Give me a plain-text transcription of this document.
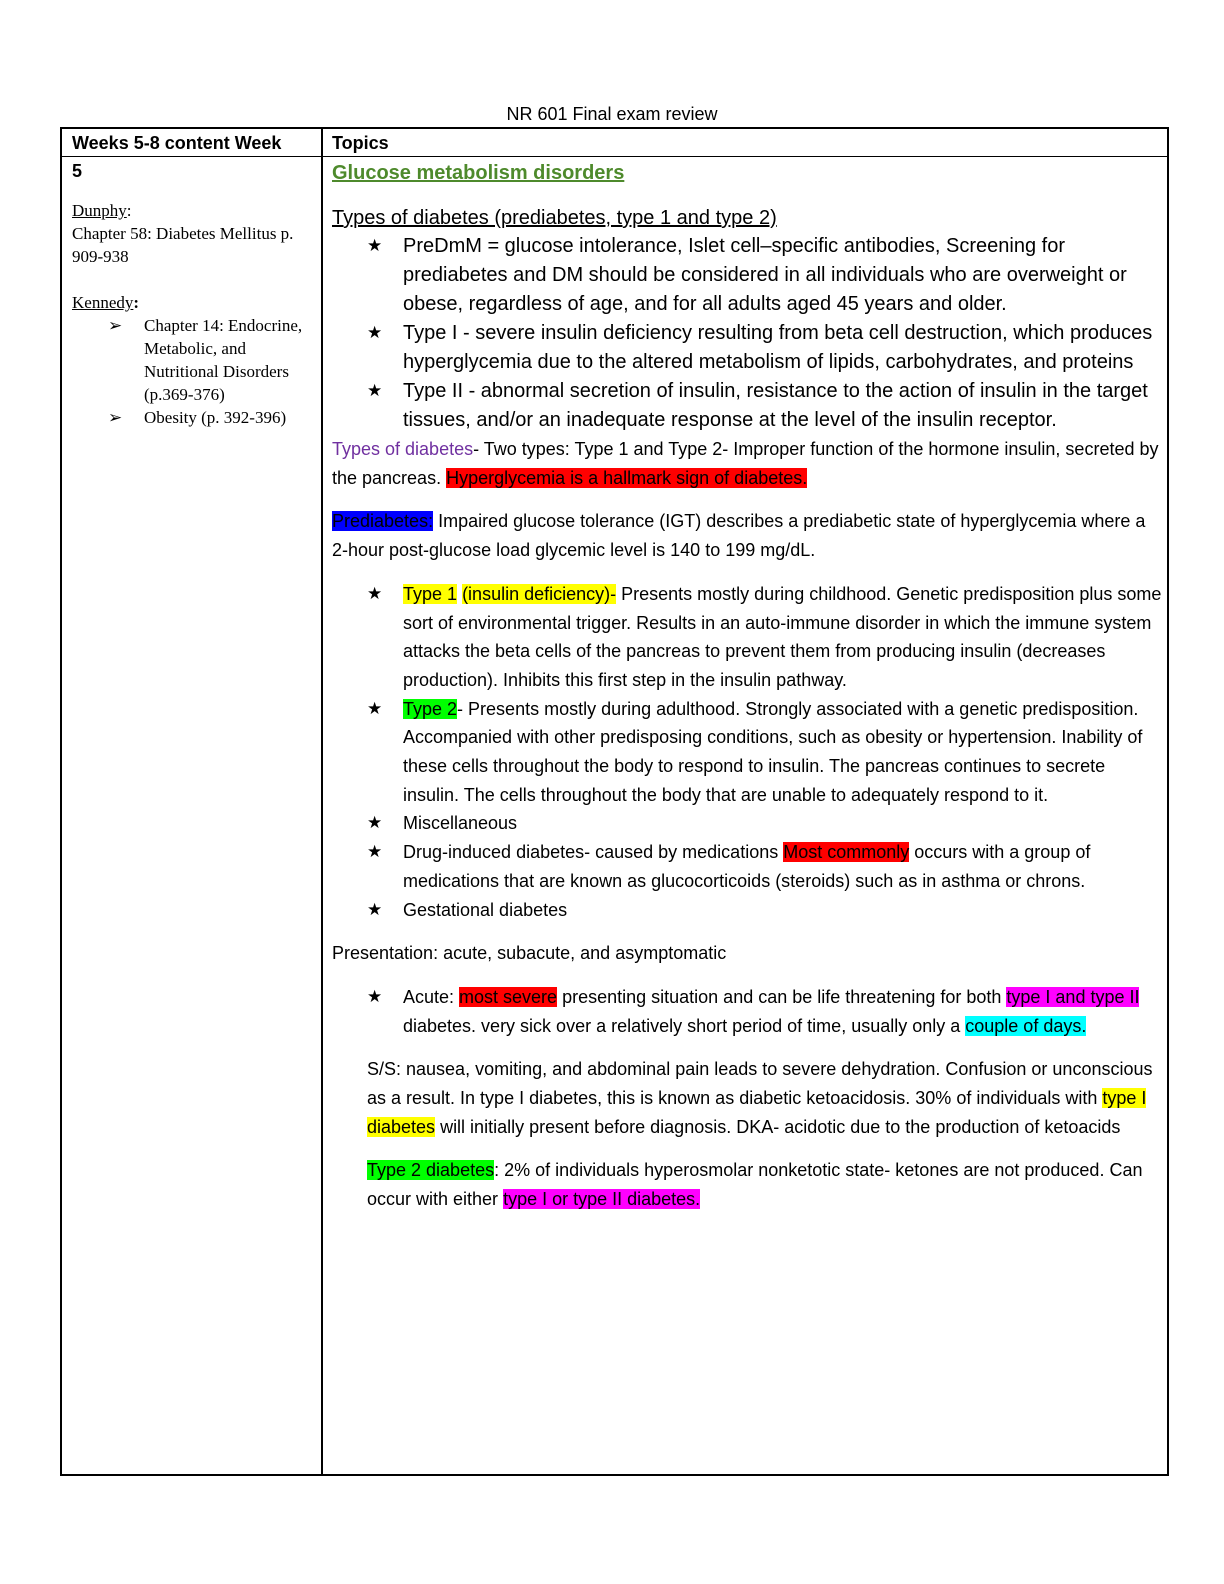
NR 601 Final exam review
Weeks 5-8 content Week	Topics
5
Dunphy:
Chapter 58: Diabetes Mellitus p. 909-938
Kennedy:
➢ Chapter 14: Endocrine, Metabolic, and Nutritional Disorders (p.369-376)
➢ Obesity (p. 392-396)
Glucose metabolism disorders
Types of diabetes (prediabetes, type 1 and type 2)
★ PreDmM = glucose intolerance, Islet cell–specific antibodies, Screening for prediabetes and DM should be considered in all individuals who are overweight or obese, regardless of age, and for all adults aged 45 years and older.
★ Type I - severe insulin deficiency resulting from beta cell destruction, which produces hyperglycemia due to the altered metabolism of lipids, carbohydrates, and proteins
★ Type II - abnormal secretion of insulin, resistance to the action of insulin in the target tissues, and/or an inadequate response at the level of the insulin receptor.

Types of diabetes- Two types: Type 1 and Type 2- Improper function of the hormone insulin, secreted by the pancreas. Hyperglycemia is a hallmark sign of diabetes.

Prediabetes: Impaired glucose tolerance (IGT) describes a prediabetic state of hyperglycemia where a 2-hour post-glucose load glycemic level is 140 to 199 mg/dL.

★ Type 1 (insulin deficiency)- Presents mostly during childhood. Genetic predisposition plus some sort of environmental trigger. Results in an auto-immune disorder in which the immune system attacks the beta cells of the pancreas to prevent them from producing insulin (decreases production). Inhibits this first step in the insulin pathway.
★ Type 2- Presents mostly during adulthood. Strongly associated with a genetic predisposition. Accompanied with other predisposing conditions, such as obesity or hypertension. Inability of these cells throughout the body to respond to insulin. The pancreas continues to secrete insulin. The cells throughout the body that are unable to adequately respond to it.
★ Miscellaneous
★ Drug-induced diabetes- caused by medications Most commonly occurs with a group of medications that are known as glucocorticoids (steroids) such as in asthma or chrons.
★ Gestational diabetes

Presentation: acute, subacute, and asymptomatic

★ Acute: most severe presenting situation and can be life threatening for both type I and type II diabetes. very sick over a relatively short period of time, usually only a couple of days.

S/S: nausea, vomiting, and abdominal pain leads to severe dehydration. Confusion or unconscious as a result. In type I diabetes, this is known as diabetic ketoacidosis. 30% of individuals with type I diabetes will initially present before diagnosis. DKA- acidotic due to the production of ketoacids

Type 2 diabetes: 2% of individuals hyperosmolar nonketotic state- ketones are not produced. Can occur with either type I or type II diabetes.
